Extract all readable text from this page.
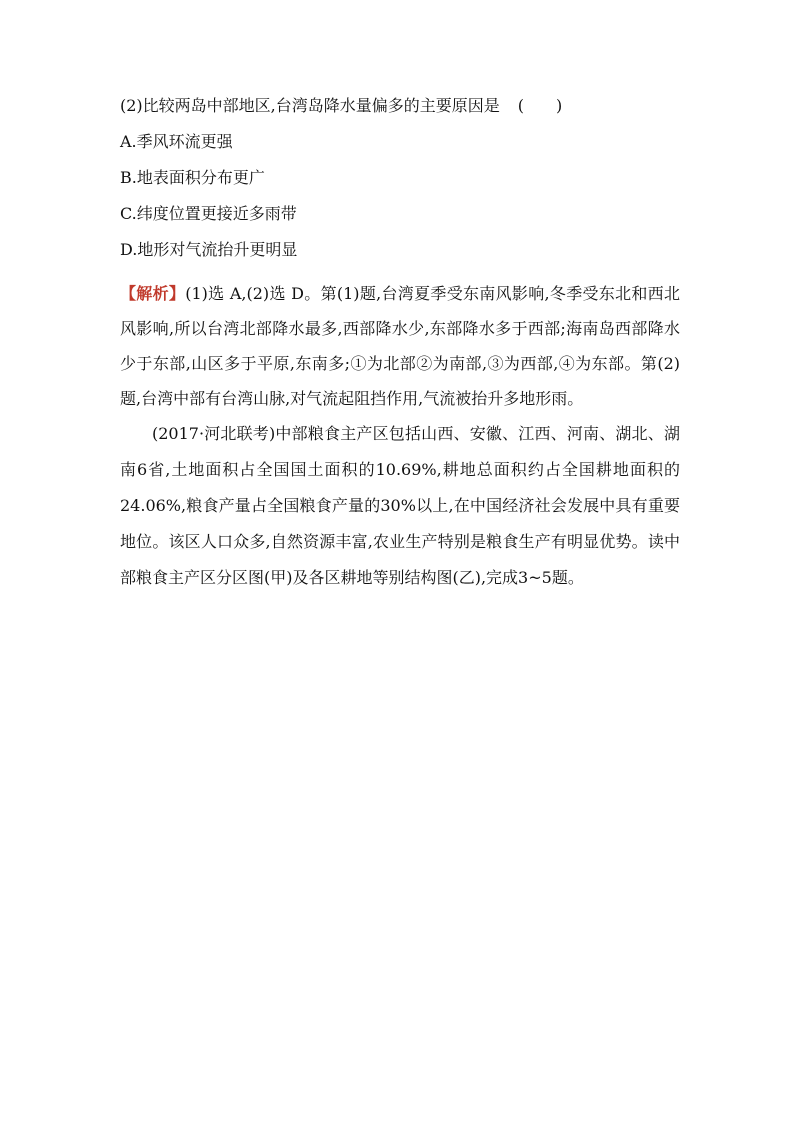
(2)比较两岛中部地区,台湾岛降水量偏多的主要原因是 (　　)
A.季风环流更强
B.地表面积分布更广
C.纬度位置更接近多雨带
D.地形对气流抬升更明显
【解析】(1)选 A,(2)选 D。第(1)题,台湾夏季受东南风影响,冬季受东北和西北风影响,所以台湾北部降水最多,西部降水少,东部降水多于西部;海南岛西部降水少于东部,山区多于平原,东南多;①为北部②为南部,③为西部,④为东部。第(2)题,台湾中部有台湾山脉,对气流起阻挡作用,气流被抬升多地形雨。
(2017·河北联考)中部粮食主产区包括山西、安徽、江西、河南、湖北、湖南6省,土地面积占全国国土面积的10.69%,耕地总面积约占全国耕地面积的24.06%,粮食产量占全国粮食产量的30%以上,在中国经济社会发展中具有重要地位。该区人口众多,自然资源丰富,农业生产特别是粮食生产有明显优势。读中部粮食主产区分区图(甲)及各区耕地等别结构图(乙),完成3~5题。
